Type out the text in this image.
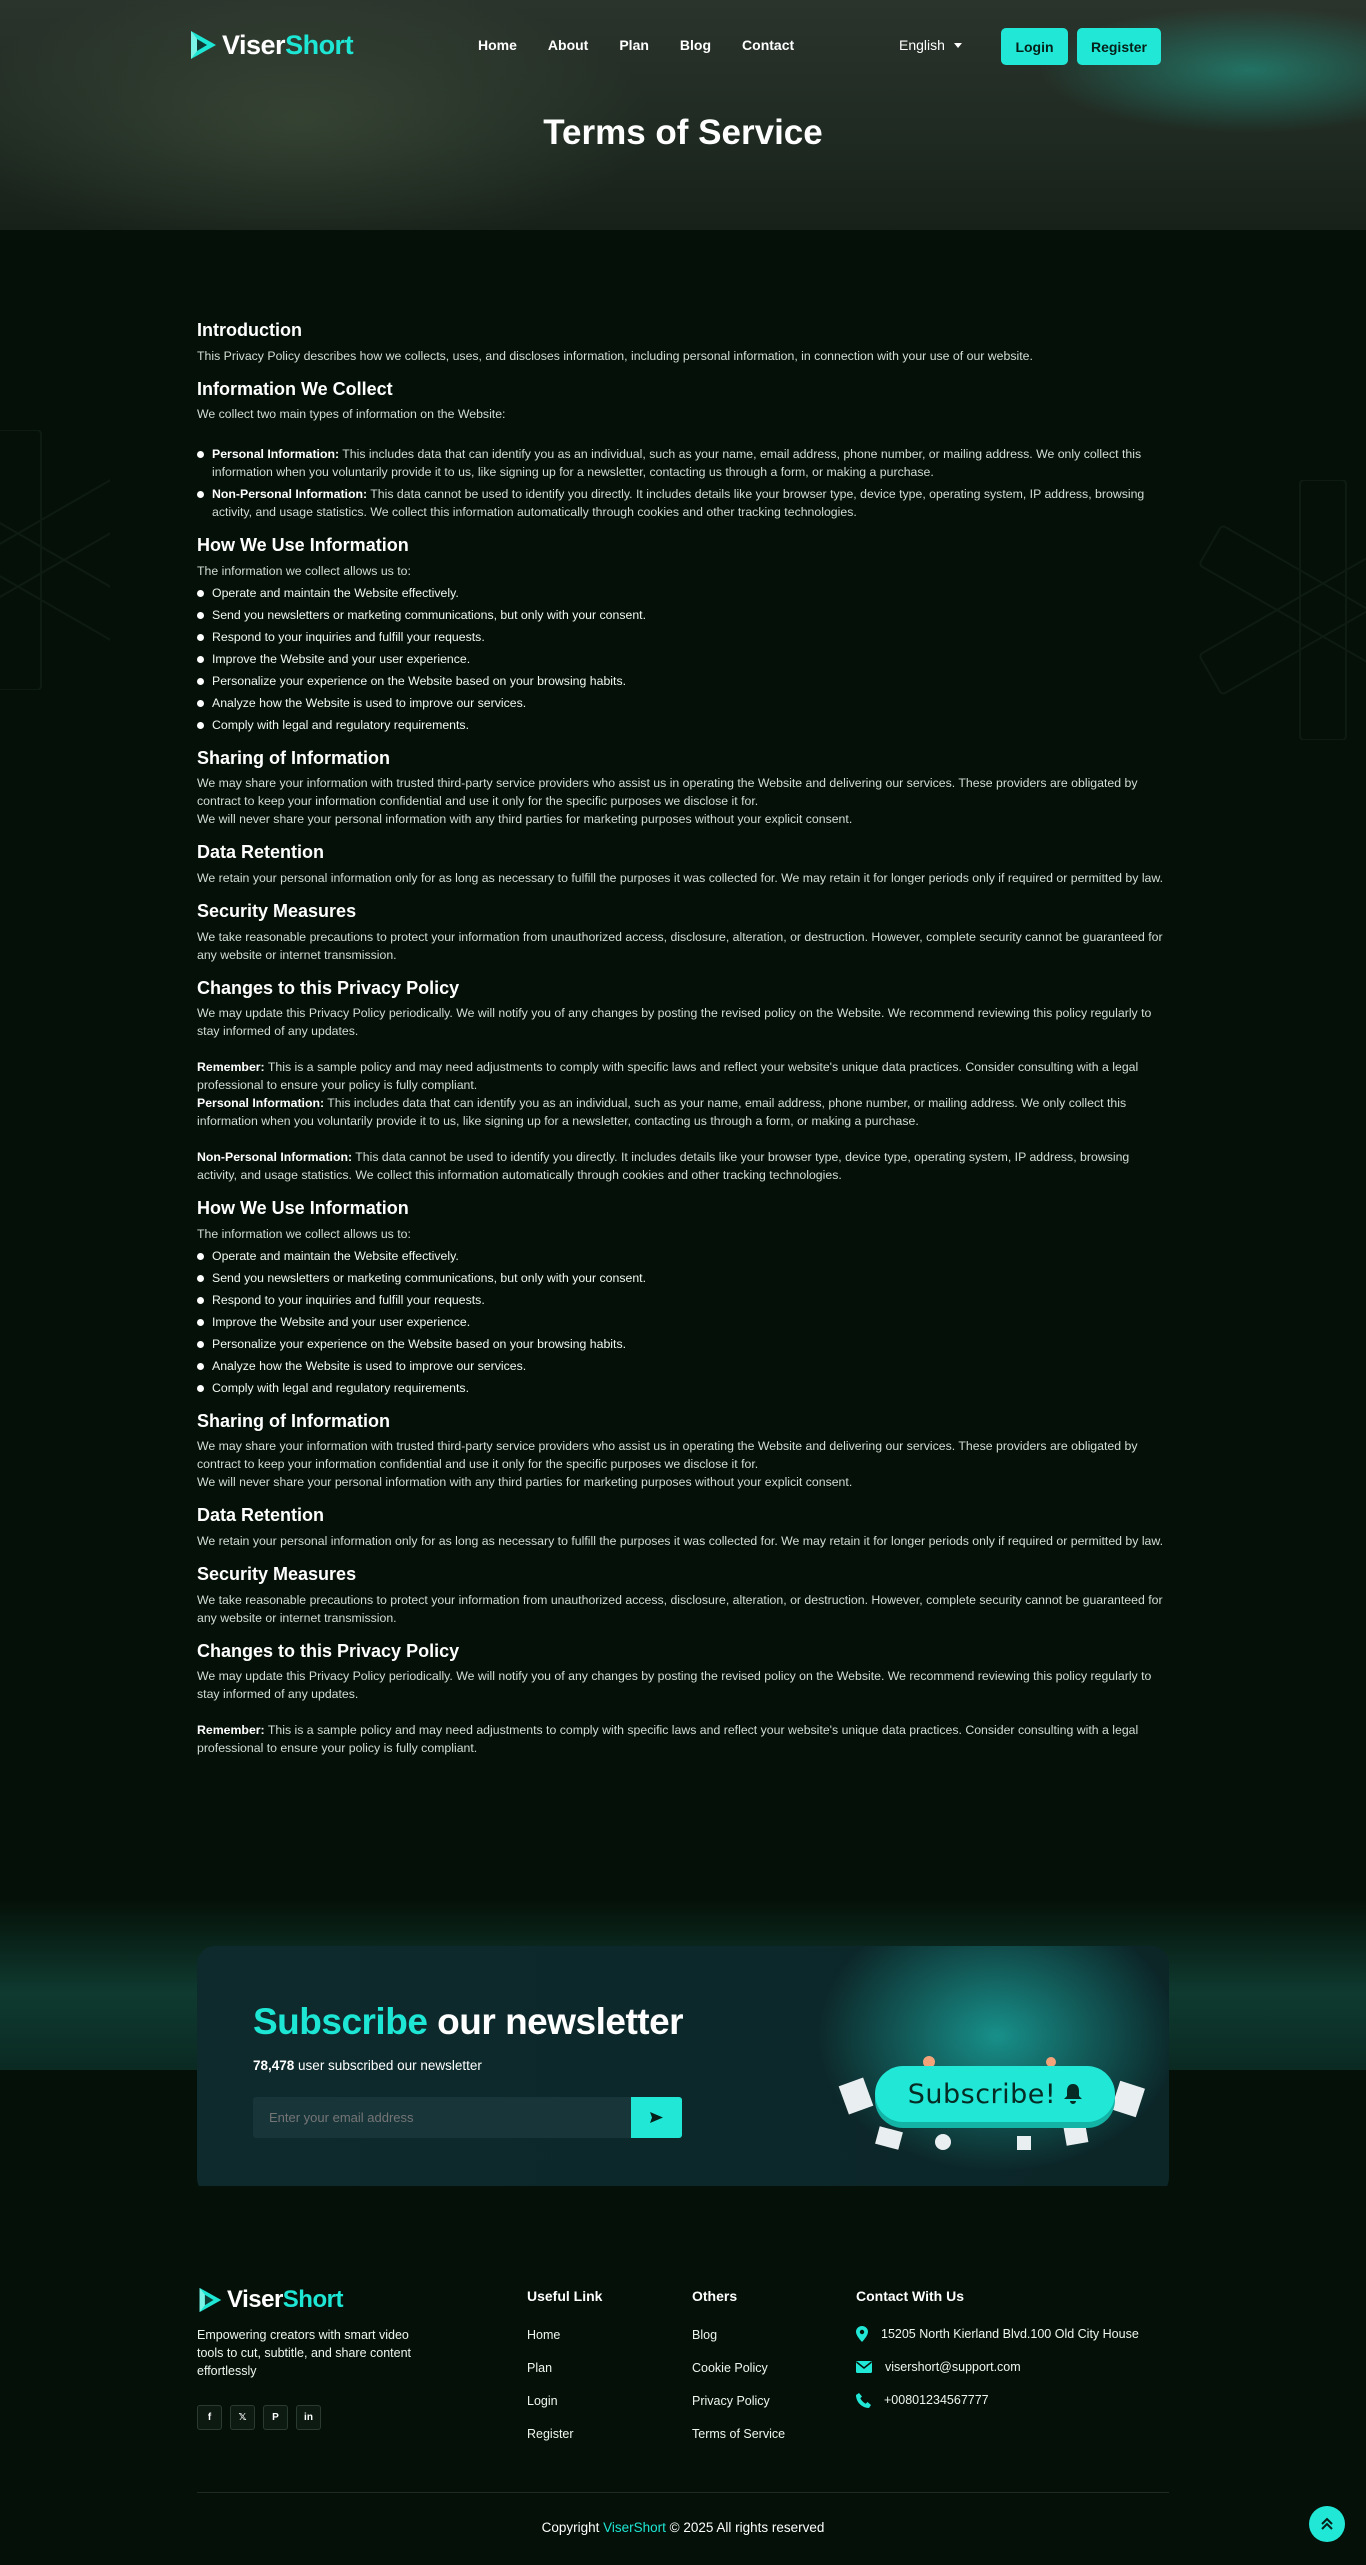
ViserShort	Home About Plan Blog Contact	English	Login	Register
Terms of Service
Introduction

This Privacy Policy describes how we collects, uses, and discloses information, including personal information, in connection with your use of our website.

Information We Collect

We collect two main types of information on the Website:

Personal Information: This includes data that can identify you as an individual, such as your name, email address, phone number, or mailing address. We only collect this information when you voluntarily provide it to us, like signing up for a newsletter, contacting us through a form, or making a purchase.
Non-Personal Information: This data cannot be used to identify you directly. It includes details like your browser type, device type, operating system, IP address, browsing activity, and usage statistics. We collect this information automatically through cookies and other tracking technologies.
How We Use Information

The information we collect allows us to:

Operate and maintain the Website effectively.
Send you newsletters or marketing communications, but only with your consent.
Respond to your inquiries and fulfill your requests.
Improve the Website and your user experience.
Personalize your experience on the Website based on your browsing habits.
Analyze how the Website is used to improve our services.
Comply with legal and regulatory requirements.
Sharing of Information

We may share your information with trusted third-party service providers who assist us in operating the Website and delivering our services. These providers are obligated by contract to keep your information confidential and use it only for the specific purposes we disclose it for.

We will never share your personal information with any third parties for marketing purposes without your explicit consent.

Data Retention

We retain your personal information only for as long as necessary to fulfill the purposes it was collected for. We may retain it for longer periods only if required or permitted by law.

Security Measures

We take reasonable precautions to protect your information from unauthorized access, disclosure, alteration, or destruction. However, complete security cannot be guaranteed for any website or internet transmission.

Changes to this Privacy Policy

We may update this Privacy Policy periodically. We will notify you of any changes by posting the revised policy on the Website. We recommend reviewing this policy regularly to stay informed of any updates.

Remember: This is a sample policy and may need adjustments to comply with specific laws and reflect your website's unique data practices. Consider consulting with a legal professional to ensure your policy is fully compliant.

Personal Information: This includes data that can identify you as an individual, such as your name, email address, phone number, or mailing address. We only collect this information when you voluntarily provide it to us, like signing up for a newsletter, contacting us through a form, or making a purchase.

Non-Personal Information: This data cannot be used to identify you directly. It includes details like your browser type, device type, operating system, IP address, browsing activity, and usage statistics. We collect this information automatically through cookies and other tracking technologies.

How We Use Information

The information we collect allows us to:

Operate and maintain the Website effectively.
Send you newsletters or marketing communications, but only with your consent.
Respond to your inquiries and fulfill your requests.
Improve the Website and your user experience.
Personalize your experience on the Website based on your browsing habits.
Analyze how the Website is used to improve our services.
Comply with legal and regulatory requirements.
Sharing of Information

We may share your information with trusted third-party service providers who assist us in operating the Website and delivering our services. These providers are obligated by contract to keep your information confidential and use it only for the specific purposes we disclose it for.

We will never share your personal information with any third parties for marketing purposes without your explicit consent.

Data Retention

We retain your personal information only for as long as necessary to fulfill the purposes it was collected for. We may retain it for longer periods only if required or permitted by law.

Security Measures

We take reasonable precautions to protect your information from unauthorized access, disclosure, alteration, or destruction. However, complete security cannot be guaranteed for any website or internet transmission.

Changes to this Privacy Policy

We may update this Privacy Policy periodically. We will notify you of any changes by posting the revised policy on the Website. We recommend reviewing this policy regularly to stay informed of any updates.

Remember: This is a sample policy and may need adjustments to comply with specific laws and reflect your website's unique data practices. Consider consulting with a legal professional to ensure your policy is fully compliant.

Subscribe our newsletter

78,478 user subscribed our newsletter

Enter your email address
Subscribe!
ViserShort

Empowering creators with smart video tools to cut, subtitle, and share content effortlessly

f	𝕏	P	in
Useful Link
Home
Plan
Login
Register
Others
Blog
Cookie Policy
Privacy Policy
Terms of Service
Contact With Us
15205 North Kierland Blvd.100 Old City House
visershort@support.com
+00801234567777

Copyright ViserShort © 2025 All rights reserved
